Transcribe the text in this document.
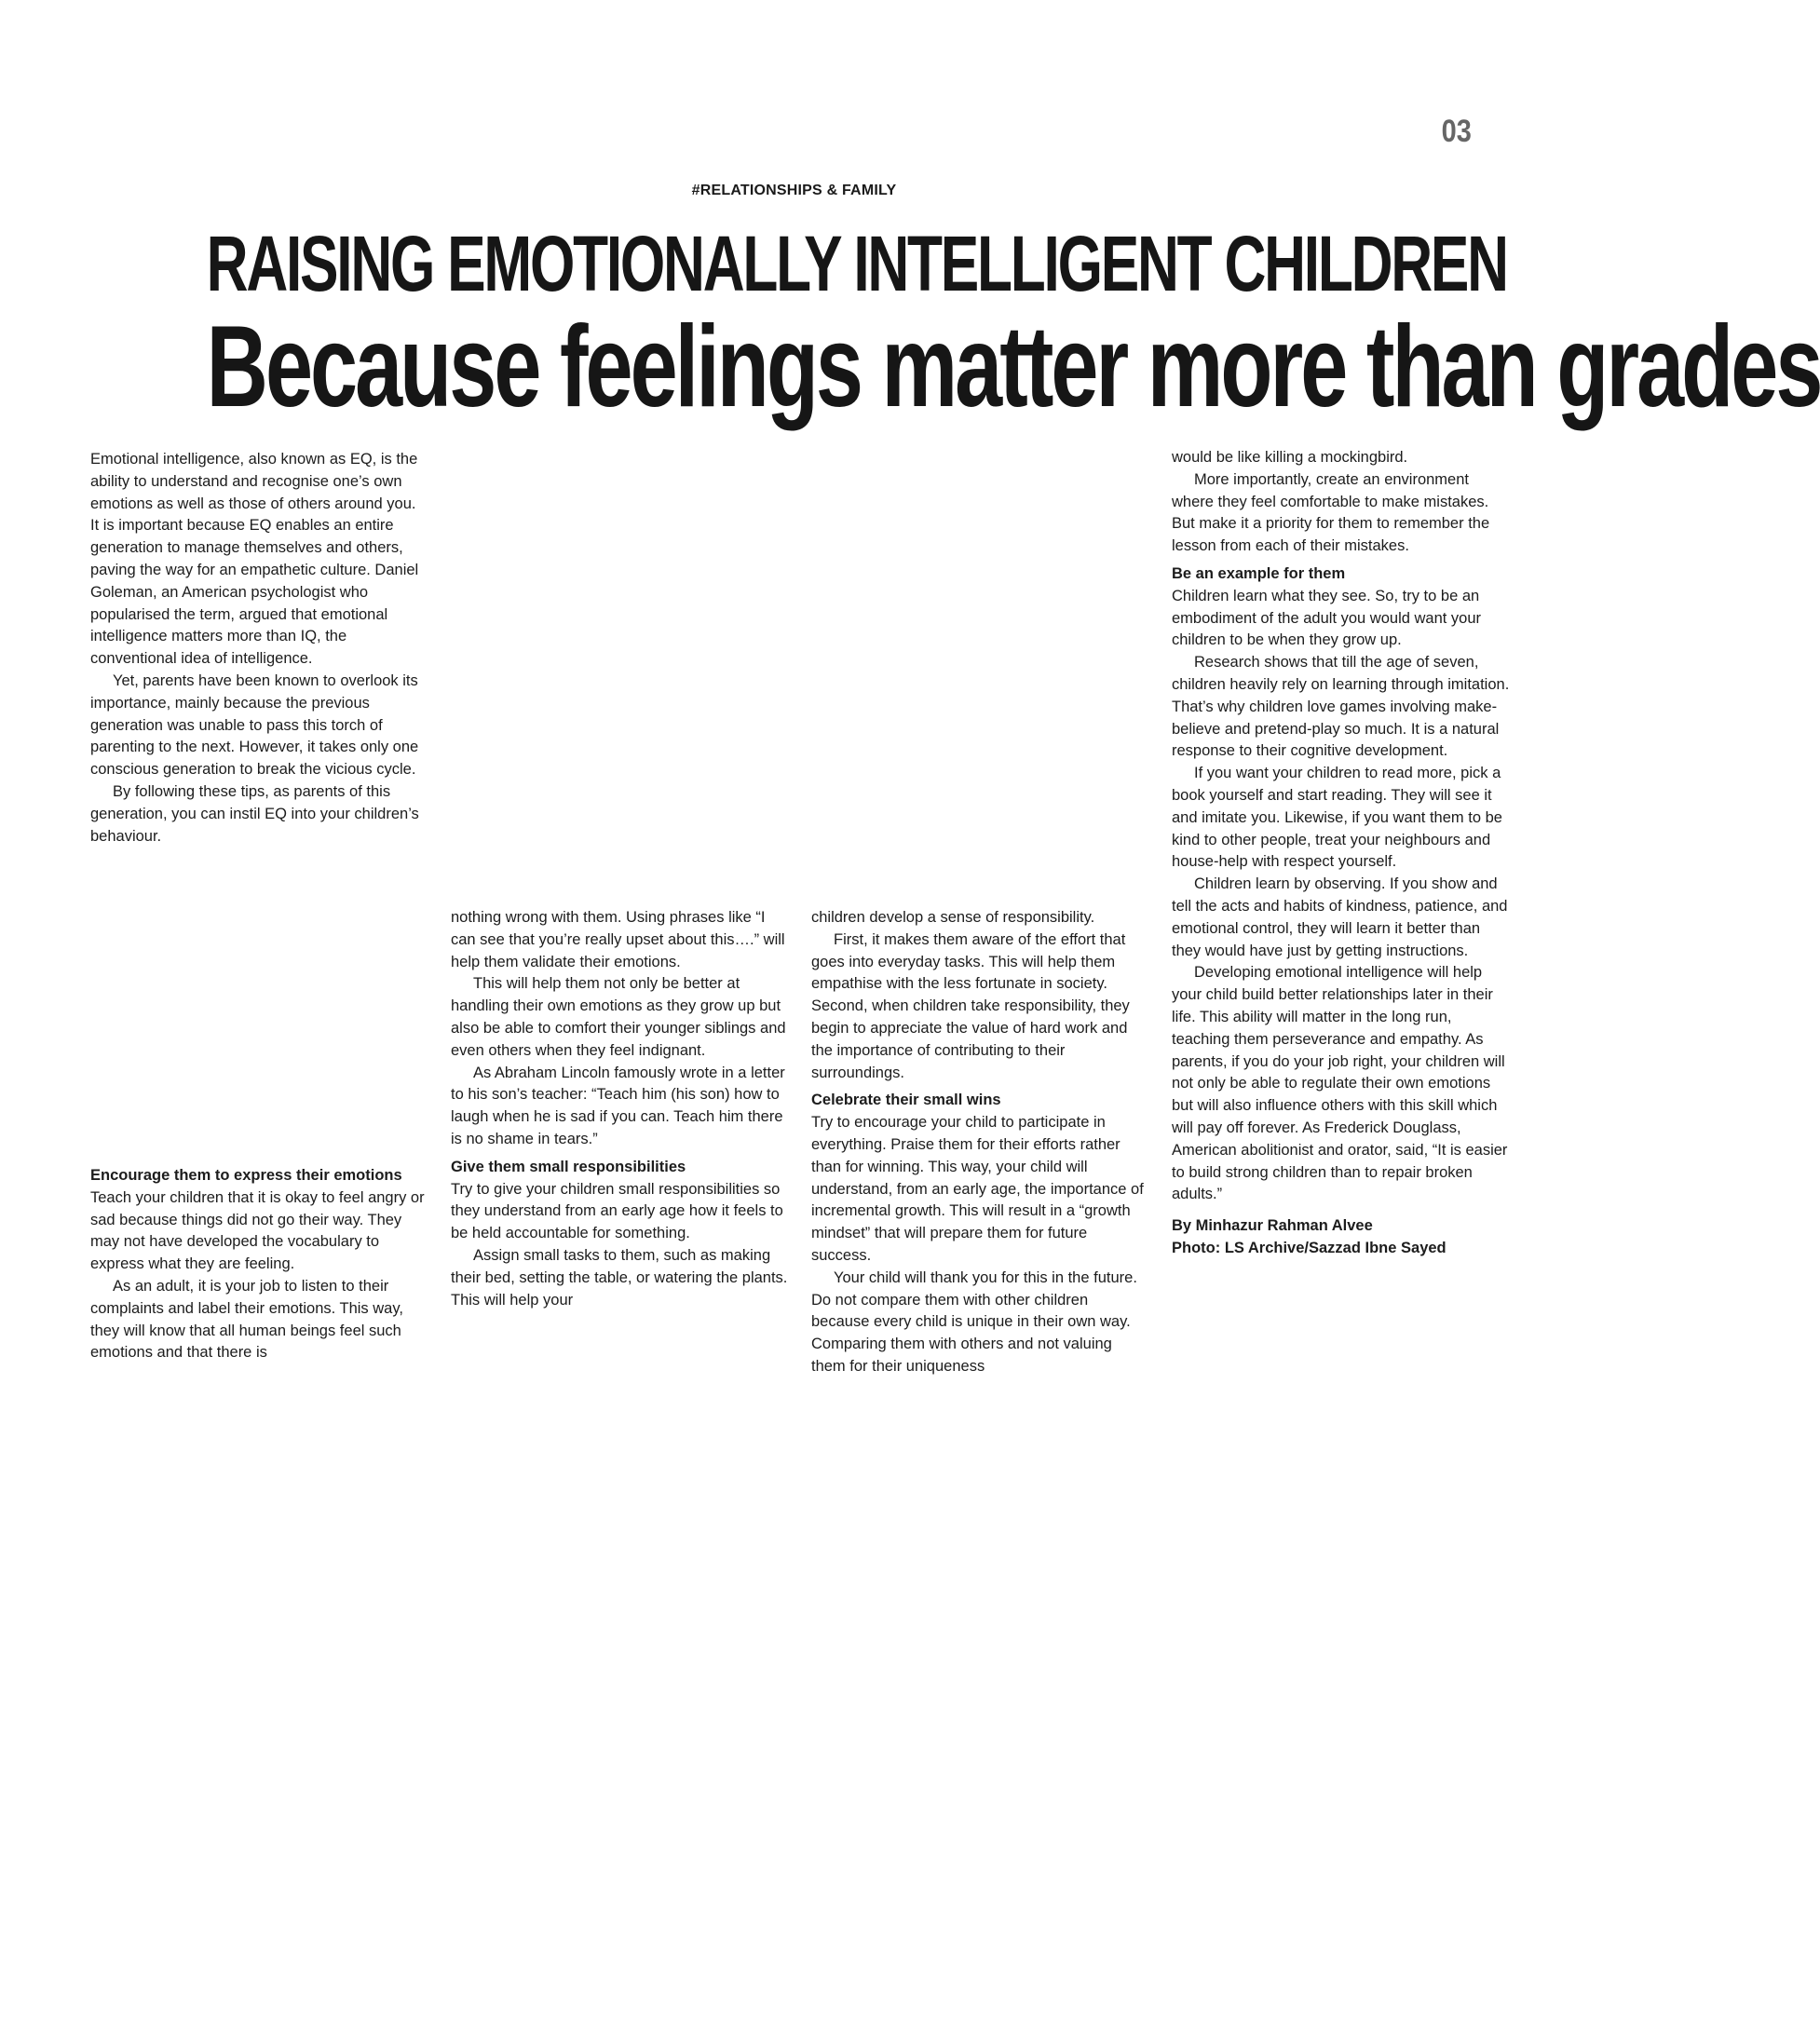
03
#RELATIONSHIPS & FAMILY
RAISING EMOTIONALLY INTELLIGENT CHILDREN
Because feelings matter more than grades

Emotional intelligence, also known as EQ, is the ability to understand and recognise one’s own emotions as well as those of others around you. It is important because EQ enables an entire generation to manage themselves and others, paving the way for an empathetic culture. Daniel Goleman, an American psychologist who popularised the term, argued that emotional intelligence matters more than IQ, the conventional idea of intelligence.

Yet, parents have been known to overlook its importance, mainly because the previous generation was unable to pass this torch of parenting to the next. However, it takes only one conscious generation to break the vicious cycle.

By following these tips, as parents of this generation, you can instil EQ into your children’s behaviour.

Encourage them to express their emotions

Teach your children that it is okay to feel angry or sad because things did not go their way. They may not have developed the vocabulary to express what they are feeling.

As an adult, it is your job to listen to their complaints and label their emotions. This way, they will know that all human beings feel such emotions and that there is

nothing wrong with them. Using phrases like “I can see that you’re really upset about this….” will help them validate their emotions.

This will help them not only be better at handling their own emotions as they grow up but also be able to comfort their younger siblings and even others when they feel indignant.

As Abraham Lincoln famously wrote in a letter to his son’s teacher: “Teach him (his son) how to laugh when he is sad if you can. Teach him there is no shame in tears.”

Give them small responsibilities

Try to give your children small responsibilities so they understand from an early age how it feels to be held accountable for something.

Assign small tasks to them, such as making their bed, setting the table, or watering the plants. This will help your

children develop a sense of responsibility.

First, it makes them aware of the effort that goes into everyday tasks. This will help them empathise with the less fortunate in society. Second, when children take responsibility, they begin to appreciate the value of hard work and the importance of contributing to their surroundings.

Celebrate their small wins

Try to encourage your child to participate in everything. Praise them for their efforts rather than for winning. This way, your child will understand, from an early age, the importance of incremental growth. This will result in a “growth mindset” that will prepare them for future success.

Your child will thank you for this in the future. Do not compare them with other children because every child is unique in their own way. Comparing them with others and not valuing them for their uniqueness

would be like killing a mockingbird.

More importantly, create an environment where they feel comfortable to make mistakes. But make it a priority for them to remember the lesson from each of their mistakes.

Be an example for them

Children learn what they see. So, try to be an embodiment of the adult you would want your children to be when they grow up.

Research shows that till the age of seven, children heavily rely on learning through imitation. That’s why children love games involving make-believe and pretend-play so much. It is a natural response to their cognitive development.

If you want your children to read more, pick a book yourself and start reading. They will see it and imitate you. Likewise, if you want them to be kind to other people, treat your neighbours and house-help with respect yourself.

Children learn by observing. If you show and tell the acts and habits of kindness, patience, and emotional control, they will learn it better than they would have just by getting instructions.

Developing emotional intelligence will help your child build better relationships later in their life. This ability will matter in the long run, teaching them perseverance and empathy. As parents, if you do your job right, your children will not only be able to regulate their own emotions but will also influence others with this skill which will pay off forever. As Frederick Douglass, American abolitionist and orator, said, “It is easier to build strong children than to repair broken adults.”

By Minhazur Rahman Alvee

Photo: LS Archive/Sazzad Ibne Sayed
